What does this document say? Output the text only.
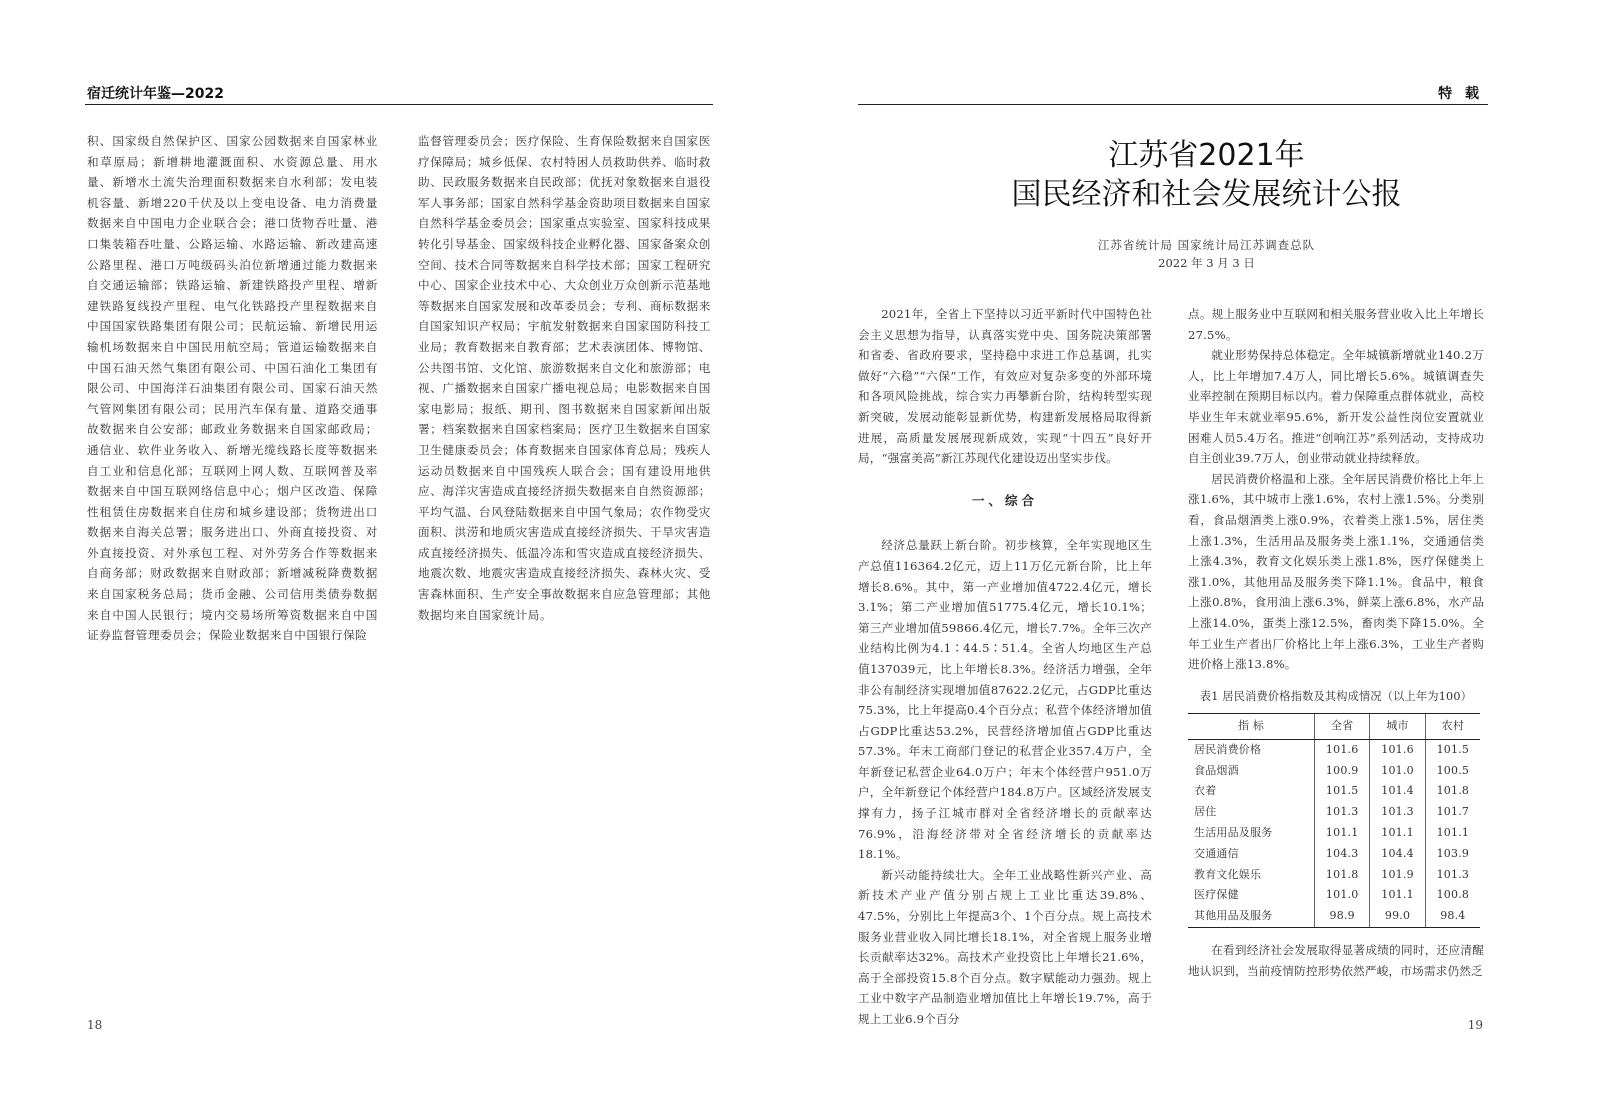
宿迁统计年鉴—2022

积、国家级自然保护区、国家公园数据来自国家林业和草原局；新增耕地灌溉面积、水资源总量、用水量、新增水土流失治理面积数据来自水利部；发电装机容量、新增220千伏及以上变电设备、电力消费量数据来自中国电力企业联合会；港口货物吞吐量、港口集装箱吞吐量、公路运输、水路运输、新改建高速公路里程、港口万吨级码头泊位新增通过能力数据来自交通运输部；铁路运输、新建铁路投产里程、增新建铁路复线投产里程、电气化铁路投产里程数据来自中国国家铁路集团有限公司；民航运输、新增民用运输机场数据来自中国民用航空局；管道运输数据来自中国石油天然气集团有限公司、中国石油化工集团有限公司、中国海洋石油集团有限公司、国家石油天然气管网集团有限公司；民用汽车保有量、道路交通事故数据来自公安部；邮政业务数据来自国家邮政局；通信业、软件业务收入、新增光缆线路长度等数据来自工业和信息化部；互联网上网人数、互联网普及率数据来自中国互联网络信息中心；烟户区改造、保障性租赁住房数据来自住房和城乡建设部；货物进出口数据来自海关总署；服务进出口、外商直接投资、对外直接投资、对外承包工程、对外劳务合作等数据来自商务部；财政数据来自财政部；新增减税降费数据来自国家税务总局；货币金融、公司信用类债券数据来自中国人民银行；境内交易场所筹资数据来自中国证券监督管理委员会；保险业数据来自中国银行保险

监督管理委员会；医疗保险、生育保险数据来自国家医疗保障局；城乡低保、农村特困人员救助供养、临时救助、民政服务数据来自民政部；优抚对象数据来自退役军人事务部；国家自然科学基金资助项目数据来自国家自然科学基金委员会；国家重点实验室、国家科技成果转化引导基金、国家级科技企业孵化器、国家备案众创空间、技术合同等数据来自科学技术部；国家工程研究中心、国家企业技术中心、大众创业万众创新示范基地等数据来自国家发展和改革委员会；专利、商标数据来自国家知识产权局；宇航发射数据来自国家国防科技工业局；教育数据来自教育部；艺术表演团体、博物馆、公共图书馆、文化馆、旅游数据来自文化和旅游部；电视、广播数据来自国家广播电视总局；电影数据来自国家电影局；报纸、期刊、图书数据来自国家新闻出版署；档案数据来自国家档案局；医疗卫生数据来自国家卫生健康委员会；体育数据来自国家体育总局；残疾人运动员数据来自中国残疾人联合会；国有建设用地供应、海洋灾害造成直接经济损失数据来自自然资源部；平均气温、台风登陆数据来自中国气象局；农作物受灾面积、洪涝和地质灾害造成直接经济损失、干旱灾害造成直接经济损失、低温冷冻和雪灾造成直接经济损失、地震次数、地震灾害造成直接经济损失、森林火灾、受害森林面积、生产安全事故数据来自应急管理部；其他数据均来自国家统计局。

18
特 载
江苏省2021年
国民经济和社会发展统计公报
江苏省统计局 国家统计局江苏调查总队
2022 年 3 月 3 日

2021年，全省上下坚持以习近平新时代中国特色社会主义思想为指导，认真落实党中央、国务院决策部署和省委、省政府要求，坚持稳中求进工作总基调，扎实做好“六稳”“六保”工作，有效应对复杂多变的外部环境和各项风险挑战，综合实力再攀新台阶，结构转型实现新突破，发展动能彰显新优势，构建新发展格局取得新进展，高质量发展展现新成效，实现“十四五”良好开局，“强富美高”新江苏现代化建设迈出坚实步伐。

一、综合

经济总量跃上新台阶。初步核算，全年实现地区生产总值116364.2亿元，迈上11万亿元新台阶，比上年增长8.6%。其中，第一产业增加值4722.4亿元，增长3.1%；第二产业增加值51775.4亿元，增长10.1%；第三产业增加值59866.4亿元，增长7.7%。全年三次产业结构比例为4.1∶44.5∶51.4。全省人均地区生产总值137039元，比上年增长8.3%。经济活力增强，全年非公有制经济实现增加值87622.2亿元，占GDP比重达75.3%，比上年提高0.4个百分点；私营个体经济增加值占GDP比重达53.2%，民营经济增加值占GDP比重达57.3%。年末工商部门登记的私营企业357.4万户，全年新登记私营企业64.0万户；年末个体经营户951.0万户，全年新登记个体经营户184.8万户。区域经济发展支撑有力，扬子江城市群对全省经济增长的贡献率达76.9%，沿海经济带对全省经济增长的贡献率达18.1%。

新兴动能持续壮大。全年工业战略性新兴产业、高新技术产业产值分别占规上工业比重达39.8%、47.5%，分别比上年提高3个、1个百分点。规上高技术服务业营业收入同比增长18.1%，对全省规上服务业增长贡献率达32%。高技术产业投资比上年增长21.6%，高于全部投资15.8个百分点。数字赋能动力强劲。规上工业中数字产品制造业增加值比上年增长19.7%，高于规上工业6.9个百分

点。规上服务业中互联网和相关服务营业收入比上年增长27.5%。

就业形势保持总体稳定。全年城镇新增就业140.2万人，比上年增加7.4万人，同比增长5.6%。城镇调查失业率控制在预期目标以内。着力保障重点群体就业，高校毕业生年末就业率95.6%，新开发公益性岗位安置就业困难人员5.4万名。推进“创响江苏”系列活动，支持成功自主创业39.7万人，创业带动就业持续释放。

居民消费价格温和上涨。全年居民消费价格比上年上涨1.6%，其中城市上涨1.6%，农村上涨1.5%。分类别看，食品烟酒类上涨0.9%，衣着类上涨1.5%，居住类上涨1.3%，生活用品及服务类上涨1.1%，交通通信类上涨4.3%，教育文化娱乐类上涨1.8%，医疗保健类上涨1.0%，其他用品及服务类下降1.1%。食品中，粮食上涨0.8%，食用油上涨6.3%，鲜菜上涨6.8%，水产品上涨14.0%，蛋类上涨12.5%，畜肉类下降15.0%。全年工业生产者出厂价格比上年上涨6.3%，工业生产者购进价格上涨13.8%。

表1 居民消费价格指数及其构成情况（以上年为100）
指 标	全省	城市	农村
居民消费价格	101.6	101.6	101.5
食品烟酒	100.9	101.0	100.5
衣着	101.5	101.4	101.8
居住	101.3	101.3	101.7
生活用品及服务	101.1	101.1	101.1
交通通信	104.3	104.4	103.9
教育文化娱乐	101.8	101.9	101.3
医疗保健	101.0	101.1	100.8
其他用品及服务	98.9	99.0	98.4

在看到经济社会发展取得显著成绩的同时，还应清醒地认识到，当前疫情防控形势依然严峻，市场需求仍然乏

19
